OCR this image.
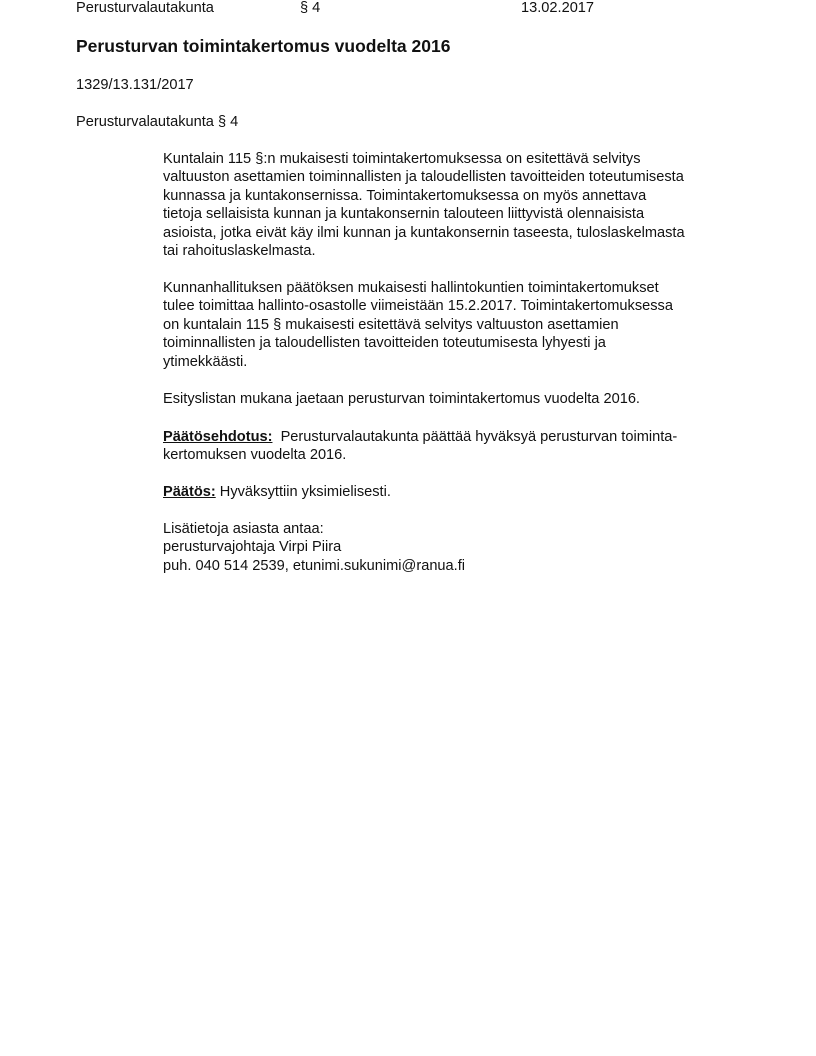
Perusturvalautakunta	§ 4	13.02.2017
Perusturvan toimintakertomus vuodelta 2016
1329/13.131/2017
Perusturvalautakunta § 4
Kuntalain 115 §:n mukaisesti toimintakertomuksessa on esitettävä selvitys
valtuuston asettamien toiminnallisten ja taloudellisten tavoitteiden toteutumisesta
kunnassa ja kuntakonsernissa. Toimintakertomuksessa on myös annettava
tietoja sellaisista kunnan ja kuntakonsernin talouteen liittyvistä olennaisista
asioista, jotka eivät käy ilmi kunnan ja kuntakonsernin taseesta, tuloslaskelmasta
tai rahoituslaskelmasta.
Kunnanhallituksen päätöksen mukaisesti hallintokuntien toimintakertomukset
tulee toimittaa hallinto-osastolle viimeistään 15.2.2017. Toimintakertomuksessa
on kuntalain 115 § mukaisesti esitettävä selvitys valtuuston asettamien
toiminnallisten ja taloudellisten tavoitteiden toteutumisesta lyhyesti ja
ytimekkäästi.
Esityslistan mukana jaetaan perusturvan toimintakertomus vuodelta 2016.
Päätösehdotus: Perusturvalautakunta päättää hyväksyä perusturvan toiminta-
kertomuksen vuodelta 2016.
Päätös: Hyväksyttiin yksimielisesti.
Lisätietoja asiasta antaa:
perusturvajohtaja Virpi Piira
puh. 040 514 2539, etunimi.sukunimi@ranua.fi
